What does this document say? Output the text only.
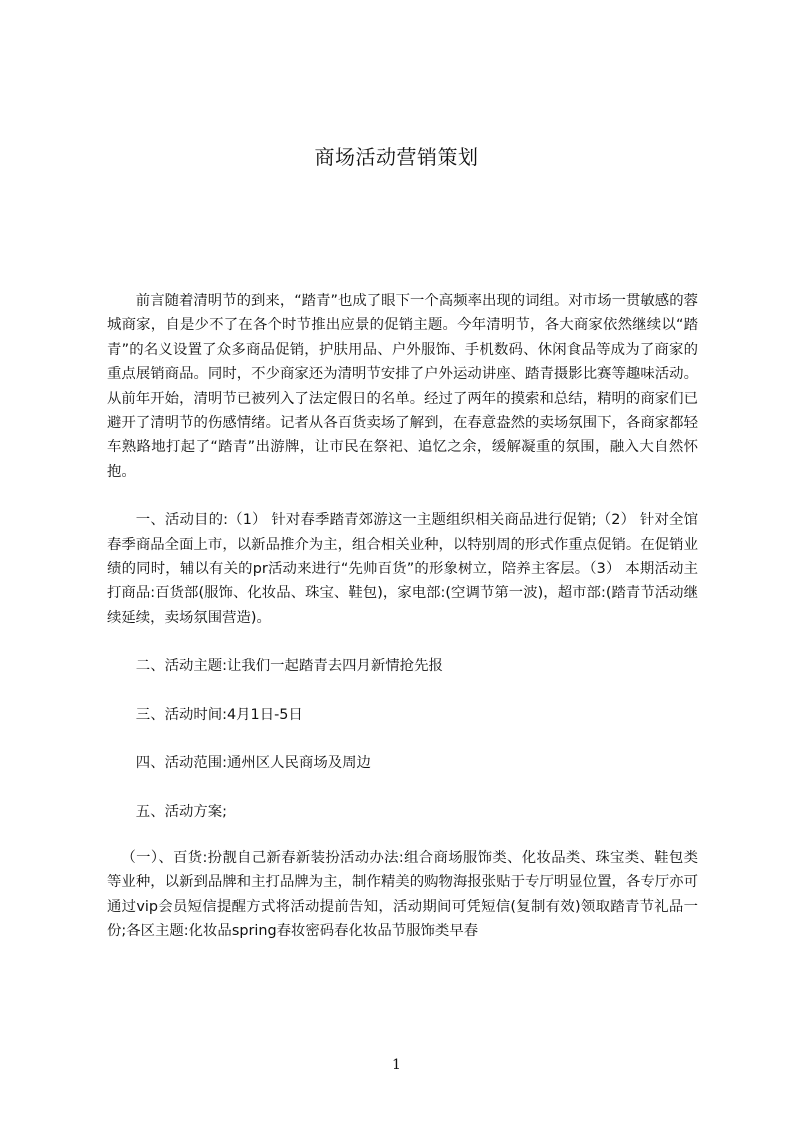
商场活动营销策划

前言随着清明节的到来，“踏青”也成了眼下一个高频率出现的词组。对市场一贯敏感的蓉城商家，自是少不了在各个时节推出应景的促销主题。今年清明节，各大商家依然继续以“踏青”的名义设置了众多商品促销，护肤用品、户外服饰、手机数码、休闲食品等成为了商家的重点展销商品。同时，不少商家还为清明节安排了户外运动讲座、踏青摄影比赛等趣味活动。从前年开始，清明节已被列入了法定假日的名单。经过了两年的摸索和总结，精明的商家们已避开了清明节的伤感情绪。记者从各百货卖场了解到，在春意盎然的卖场氛围下，各商家都轻车熟路地打起了“踏青”出游牌，让市民在祭祀、追忆之余，缓解凝重的氛围，融入大自然怀抱。

一、活动目的:（1） 针对春季踏青郊游这一主题组织相关商品进行促销;（2） 针对全馆春季商品全面上市，以新品推介为主，组合相关业种，以特别周的形式作重点促销。在促销业绩的同时，辅以有关的pr活动来进行“先帅百货”的形象树立，陪养主客层。（3） 本期活动主打商品:百货部(服饰、化妆品、珠宝、鞋包)，家电部:(空调节第一波)，超市部:(踏青节活动继续延续，卖场氛围营造)。

二、活动主题:让我们一起踏青去四月新情抢先报

三、活动时间:4月1日-5日

四、活动范围:通州区人民商场及周边

五、活动方案;

（一）、百货:扮靓自己新春新装扮活动办法:组合商场服饰类、化妆品类、珠宝类、鞋包类等业种，以新到品牌和主打品牌为主，制作精美的购物海报张贴于专厅明显位置，各专厅亦可通过vip会员短信提醒方式将活动提前告知，活动期间可凭短信(复制有效)领取踏青节礼品一份;各区主题:化妆品spring春妆密码春化妆品节服饰类早春

1
